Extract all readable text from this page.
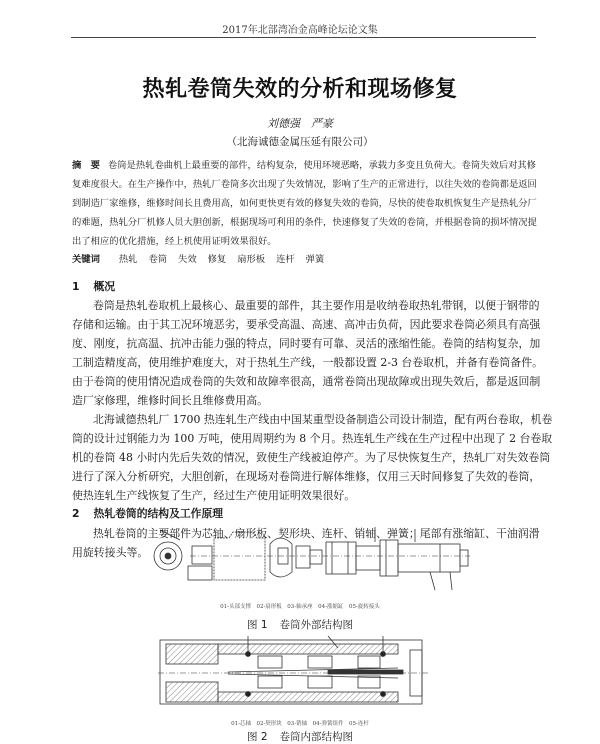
2017年北部湾冶金高峰论坛论文集
热轧卷筒失效的分析和现场修复
刘德强　严豪
（北海诚德金属压延有限公司）
摘　要 卷筒是热轧卷曲机上最重要的部件，结构复杂，使用环境恶略，承载力多变且负荷大。卷筒失效后对其修
复难度很大。在生产操作中，热轧厂卷筒多次出现了失效情况，影响了生产的正常进行，以往失效的卷筒都是返回
到制造厂家维修，维修时间长且费用高，如何更快更有效的修复失效的卷筒，尽快的使卷取机恢复生产是热轧分厂
的难题，热轧分厂机修人员大胆创新，根据现场可利用的条件，快速修复了失效的卷筒，并根据卷筒的损坏情况提
出了相应的优化措施，经上机使用证明效果很好。
关键词 热轧 卷筒 失效 修复 扇形板 连杆 弹簧
1 概况
卷筒是热轧卷取机上最核心、最重要的部件，其主要作用是收纳卷取热轧带钢，以便于钢带的
存储和运输。由于其工况环境恶劣，要承受高温、高速、高冲击负荷，因此要求卷筒必须具有高强
度、刚度，抗高温、抗冲击能力强的特点，同时要有可靠、灵活的涨缩性能。卷筒的结构复杂，加
工制造精度高，使用维护难度大，对于热轧生产线，一般都设置 2-3 台卷取机，并备有卷筒备件。
由于卷筒的使用情况造成卷筒的失效和故障率很高，通常卷筒出现故障或出现失效后，都是返回制
造厂家修理，维修时间长且维修费用高。
北海诚德热轧厂 1700 热连轧生产线由中国某重型设备制造公司设计制造，配有两台卷取，机卷
筒的设计过钢能力为 100 万吨，使用周期约为 8 个月。热连轧生产线在生产过程中出现了 2 台卷取
机的卷筒 48 小时内先后失效的情况，致使生产线被迫停产。为了尽快恢复生产，热轧厂对失效卷筒
进行了深入分析研究，大胆创新，在现场对卷筒进行解体维修，仅用三天时间修复了失效的卷筒，
使热连轧生产线恢复了生产，经过生产使用证明效果很好。
01-头部支撑　02-扇形板　03-轴承座　04-涨缩缸　05-旋转接头
图 1 卷筒外部结构图
01-芯轴　02-契形块　03-销轴　04-弹簧组件　05-连杆
图 2 卷筒内部结构图
2 热轧卷筒的结构及工作原理
热轧卷筒的主要部件为芯轴、扇形板、契形块、连杆、销轴、弹簧；尾部有涨缩缸、干油润滑
用旋转接头等。
